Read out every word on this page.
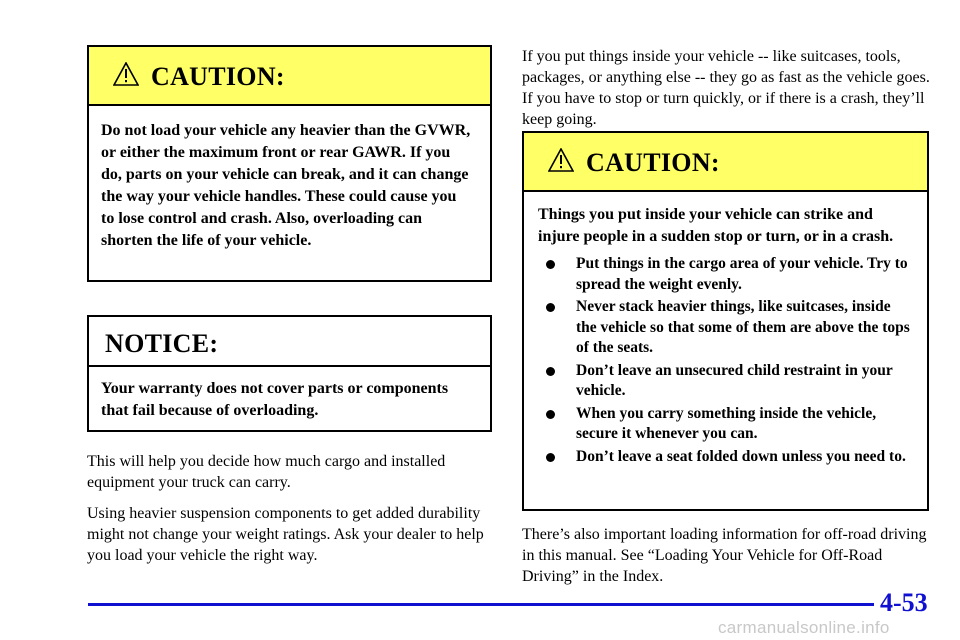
CAUTION:
Do not load your vehicle any heavier than the GVWR, or either the maximum front or rear GAWR. If you do, parts on your vehicle can break, and it can change the way your vehicle handles. These could cause you to lose control and crash. Also, overloading can shorten the life of your vehicle.
NOTICE:
Your warranty does not cover parts or components that fail because of overloading.

This will help you decide how much cargo and installed equipment your truck can carry.

Using heavier suspension components to get added durability might not change your weight ratings. Ask your dealer to help you load your vehicle the right way.

If you put things inside your vehicle -- like suitcases, tools, packages, or anything else -- they go as fast as the vehicle goes. If you have to stop or turn quickly, or if there is a crash, they’ll keep going.

CAUTION:
Things you put inside your vehicle can strike and injure people in a sudden stop or turn, or in a crash.
Put things in the cargo area of your vehicle. Try to spread the weight evenly.
Never stack heavier things, like suitcases, inside the vehicle so that some of them are above the tops of the seats.
Don’t leave an unsecured child restraint in your vehicle.
When you carry something inside the vehicle, secure it whenever you can.
Don’t leave a seat folded down unless you need to.

There’s also important loading information for off-road driving in this manual. See “Loading Your Vehicle for Off-Road Driving” in the Index.

4-53
carmanualsonline.info
